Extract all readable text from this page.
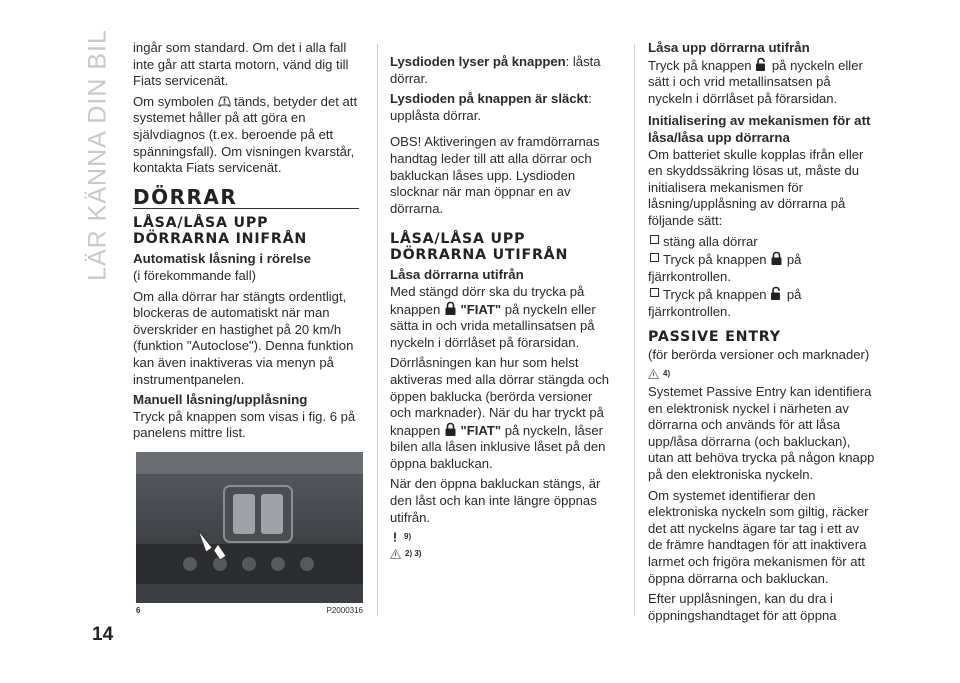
LÄR KÄNNA DIN BIL ingår som standard. Om det i alla fall inte går att starta motorn, vänd dig till Fiats servicenät.

Om symbolen tänds, betyder det att systemet håller på att göra en självdiagnos (t.ex. beroende på ett spänningsfall). Om visningen kvarstår, kontakta Fiats servicenät.

DÖRRAR
LÅSA/LÅSA UPP DÖRRARNA INIFRÅN
Automatisk låsning i rörelse

(i förekommande fall)

Om alla dörrar har stängts ordentligt, blockeras de automatiskt när man överskrider en hastighet på 20 km/h (funktion "Autoclose"). Denna funktion kan även inaktiveras via menyn på instrumentpanelen.

Manuell låsning/upplåsning

Tryck på knappen som visas i fig. 6 på panelens mittre list.

6	P2000316

Lysdioden lyser på knappen: låsta dörrar.

Lysdioden på knappen är släckt: upplåsta dörrar.

OBS! Aktiveringen av framdörrarnas handtag leder till att alla dörrar och bakluckan låses upp. Lysdioden slocknar när man öppnar en av dörrarna.

LÅSA/LÅSA UPP DÖRRARNA UTIFRÅN
Låsa dörrarna utifrån

Med stängd dörr ska du trycka på knappen "FIAT" på nyckeln eller sätta in och vrida metallinsatsen på nyckeln i dörrlåset på förarsidan.

Dörrlåsningen kan hur som helst aktiveras med alla dörrar stängda och öppen baklucka (berörda versioner och marknader). När du har tryckt på knappen "FIAT" på nyckeln, låser bilen alla låsen inklusive låset på den öppna bakluckan.

När den öppna bakluckan stängs, är den låst och kan inte längre öppnas utifrån.

9)
2) 3)
Låsa upp dörrarna utifrån

Tryck på knappen på nyckeln eller sätt i och vrid metallinsatsen på nyckeln i dörrlåset på förarsidan.

Initialisering av mekanismen för att låsa/låsa upp dörrarna

Om batteriet skulle kopplas ifrån eller en skyddssäkring lösas ut, måste du initialisera mekanismen för låsning/upplåsning av dörrarna på följande sätt:

stäng alla dörrar

Tryck på knappen på fjärrkontrollen.

Tryck på knappen på fjärrkontrollen.

PASSIVE ENTRY

(för berörda versioner och marknader)

4)

Systemet Passive Entry kan identifiera en elektronisk nyckel i närheten av dörrarna och används för att låsa upp/låsa dörrarna (och bakluckan), utan att behöva trycka på någon knapp på den elektroniska nyckeln.

Om systemet identifierar den elektroniska nyckeln som giltig, räcker det att nyckelns ägare tar tag i ett av de främre handtagen för att inaktivera larmet och frigöra mekanismen för att öppna dörrarna och bakluckan.

Efter upplåsningen, kan du dra i öppningshandtaget för att öppna

14
